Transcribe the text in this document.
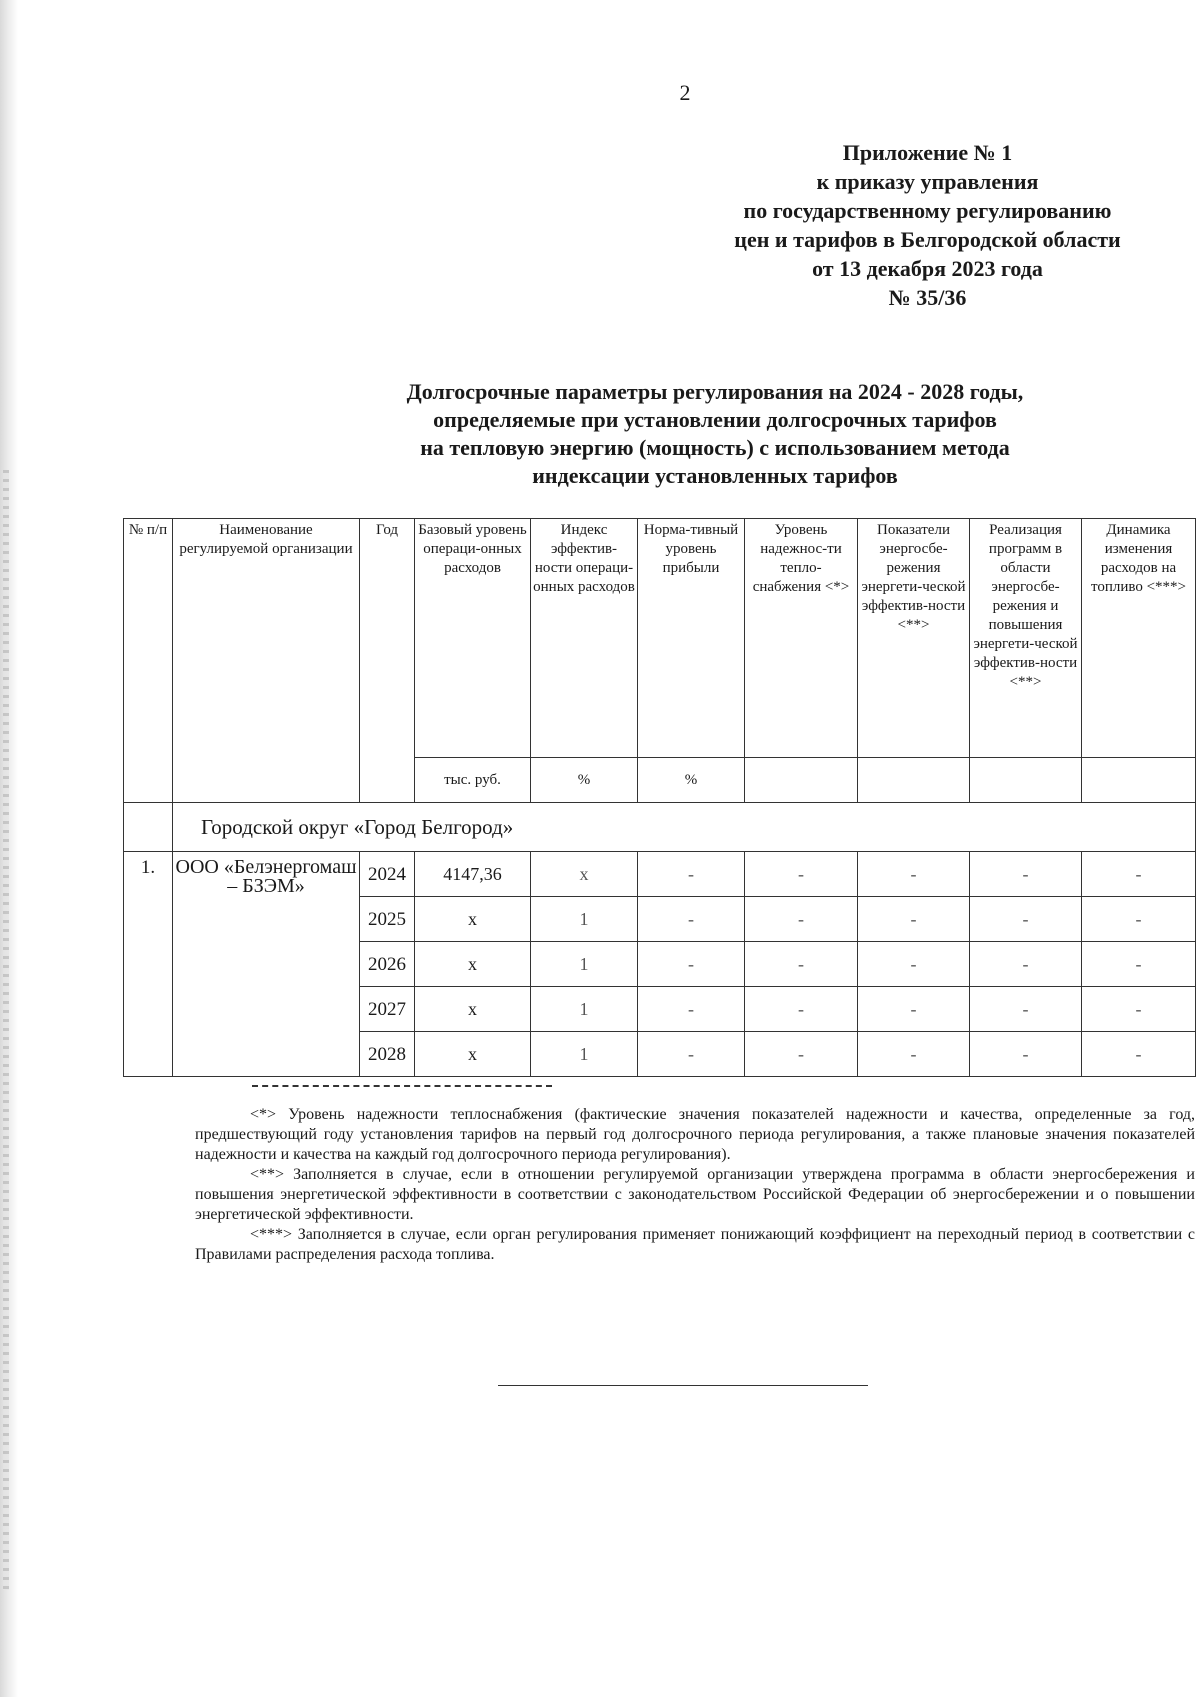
2
Приложение № 1
к приказу управления
по государственному регулированию
цен и тарифов в Белгородской области
от 13 декабря 2023 года
№ 35/36
Долгосрочные параметры регулирования на 2024 - 2028 годы,
определяемые при установлении долгосрочных тарифов
на тепловую энергию (мощность) с использованием метода
индексации установленных тарифов
№ п/п	Наименование регулируемой организации	Год	Базовый уровень операци-онных расходов	Индекс эффектив-ности операци-онных расходов	Норма-тивный уровень прибыли	Уровень надежнос-ти тепло-снабжения <*>	Показатели энергосбе-режения энергети-ческой эффектив-ности <**>	Реализация программ в области энергосбе-режения и повышения энергети-ческой эффектив-ности <**>	Динамика изменения расходов на топливо <***>
			тыс. руб.	%	%				
	Городской округ «Город Белгород»								
1.	ООО «Белэнергомаш – БЗЭМ»	2024	4147,36	х	-	-	-	-	-
		2025	х	1	-	-	-	-	-
		2026	х	1	-	-	-	-	-
		2027	х	1	-	-	-	-	-
		2028	х	1	-	-	-	-	-

<*> Уровень надежности теплоснабжения (фактические значения показателей надежности и качества, определенные за год, предшествующий году установления тарифов на первый год долгосрочного периода регулирования, а также плановые значения показателей надежности и качества на каждый год долгосрочного периода регулирования).

<**> Заполняется в случае, если в отношении регулируемой организации утверждена программа в области энергосбережения и повышения энергетической эффективности в соответствии с законодательством Российской Федерации об энергосбережении и о повышении энергетической эффективности.

<***> Заполняется в случае, если орган регулирования применяет понижающий коэффициент на переходный период в соответствии с Правилами распределения расхода топлива.
